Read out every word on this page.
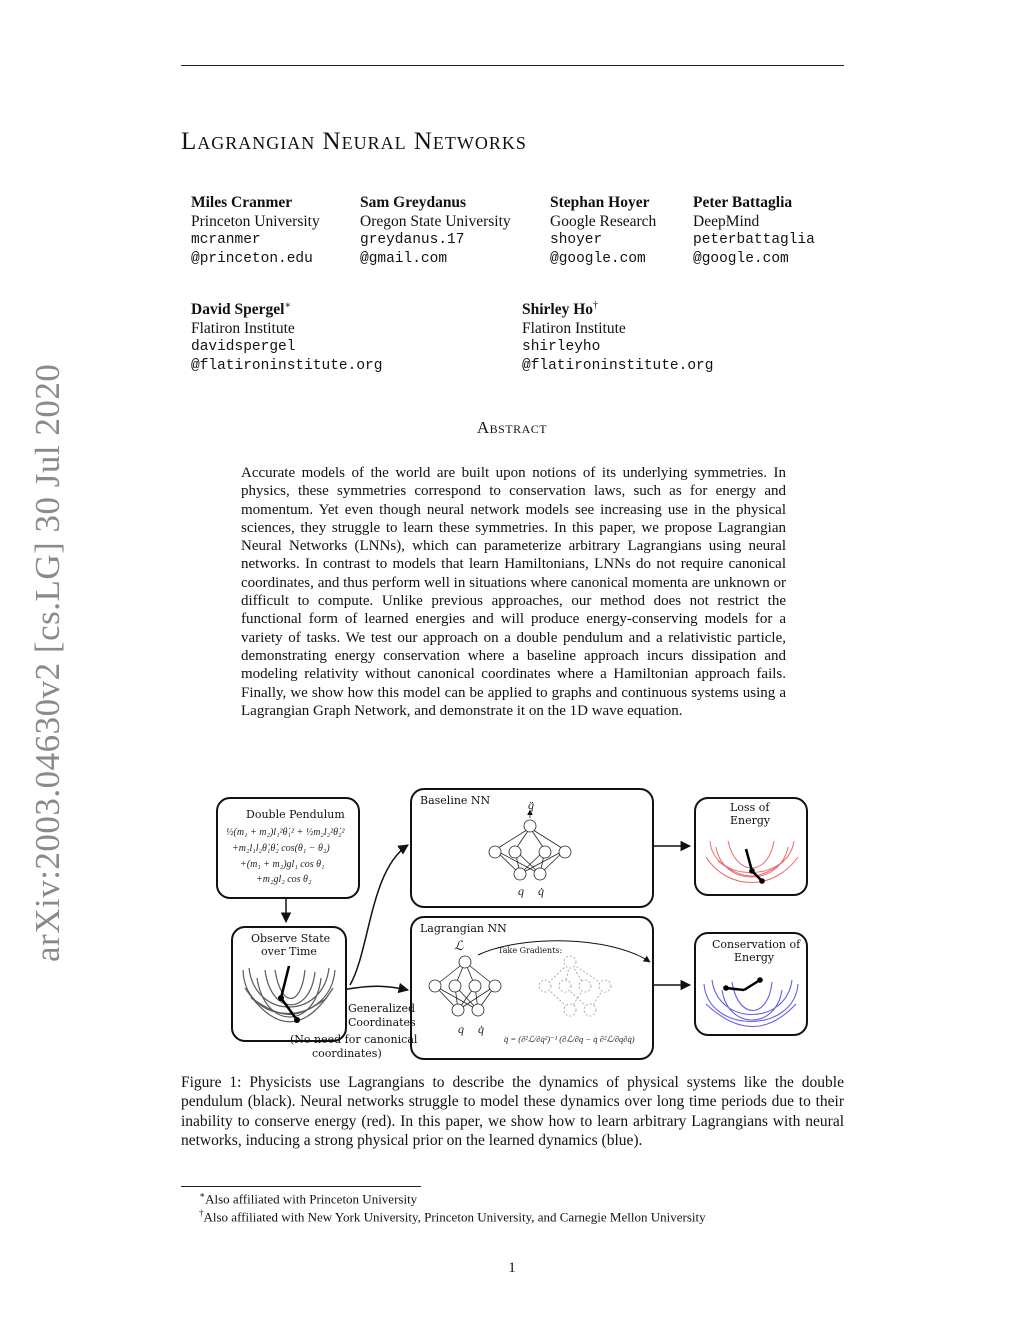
Lagrangian Neural Networks
Miles Cranmer
Princeton University
mcranmer
@princeton.edu
Sam Greydanus
Oregon State University
greydanus.17
@gmail.com
Stephan Hoyer
Google Research
shoyer
@google.com
Peter Battaglia
DeepMind
peterbattaglia
@google.com
David Spergel∗
Flatiron Institute
davidspergel
@flatironinstitute.org
Shirley Ho†
Flatiron Institute
shirleyho
@flatironinstitute.org
Abstract
Accurate models of the world are built upon notions of its underlying symmetries. In physics, these symmetries correspond to conservation laws, such as for energy and momentum. Yet even though neural network models see increasing use in the physical sciences, they struggle to learn these symmetries. In this paper, we propose Lagrangian Neural Networks (LNNs), which can parameterize arbitrary Lagrangians using neural networks. In contrast to models that learn Hamiltonians, LNNs do not require canonical coordinates, and thus perform well in situations where canonical momenta are unknown or difficult to compute. Unlike previous approaches, our method does not restrict the functional form of learned energies and will produce energy-conserving models for a variety of tasks. We test our approach on a double pendulum and a relativistic particle, demonstrating energy conservation where a baseline approach incurs dissipation and modeling relativity without canonical coordinates where a Hamiltonian approach fails. Finally, we show how this model can be applied to graphs and continuous systems using a Lagrangian Graph Network, and demonstrate it on the 1D wave equation.
arXiv:2003.04630v2 [cs.LG] 30 Jul 2020	Double Pendulum
½(m₁ + m₂)l₁²θ̇₁² + ½m₂l₂²θ̇₂²
+m₂l₁l₂θ̇₁θ̇₂ cos(θ₁ − θ₂)
+(m₁ + m₂)gl₁ cos θ₁
+m₂gl₂ cos θ₂
Observe State
over Time
Generalized
Coordinates
(No need for canonical
coordinates)
Baseline NN	q̈
q q̇
Lagrangian NN
ℒ	Take Gradients:
q q̇
q̈ = (∂²ℒ/∂q̇²)⁻¹ (∂ℒ/∂q − q̇ ∂²ℒ/∂q∂q̇)
Loss of
Energy
Conservation of
Energy
Figure 1: Physicists use Lagrangians to describe the dynamics of physical systems like the double pendulum (black). Neural networks struggle to model these dynamics over long time periods due to their inability to conserve energy (red). In this paper, we show how to learn arbitrary Lagrangians with neural networks, inducing a strong physical prior on the learned dynamics (blue).
∗Also affiliated with Princeton University
†Also affiliated with New York University, Princeton University, and Carnegie Mellon University
1
